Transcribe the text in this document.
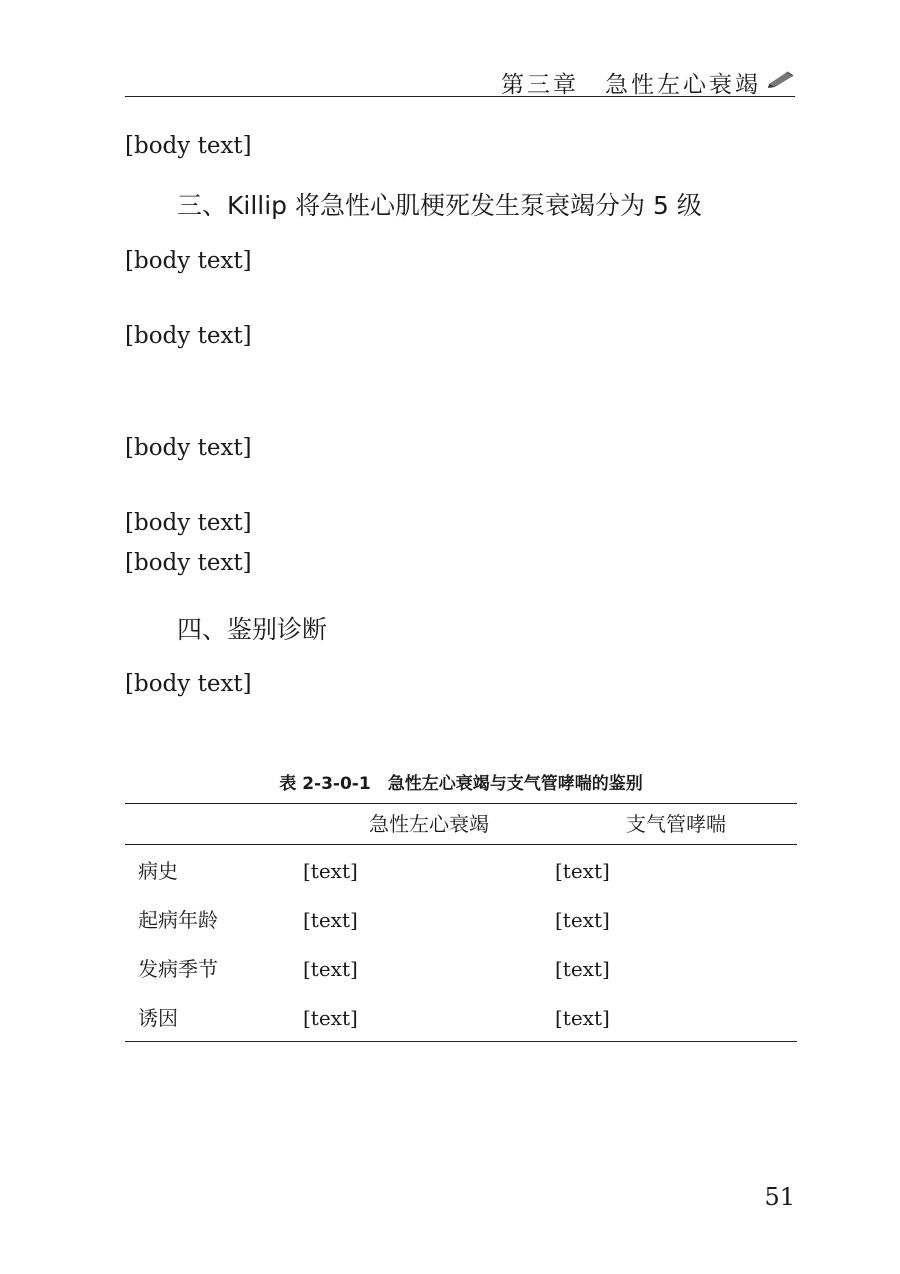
第三章　急性左心衰竭
[body text]
三、Killip 将急性心肌梗死发生泵衰竭分为 5 级
[body text]
[body text]
[body text]
[body text]
[body text]
四、鉴别诊断
[body text]
表 2-3-0-1　急性左心衰竭与支气管哮喘的鉴别
	急性左心衰竭	支气管哮喘
病史	[text]	[text]
起病年龄	[text]	[text]
发病季节	[text]	[text]
诱因	[text]	[text]
51
